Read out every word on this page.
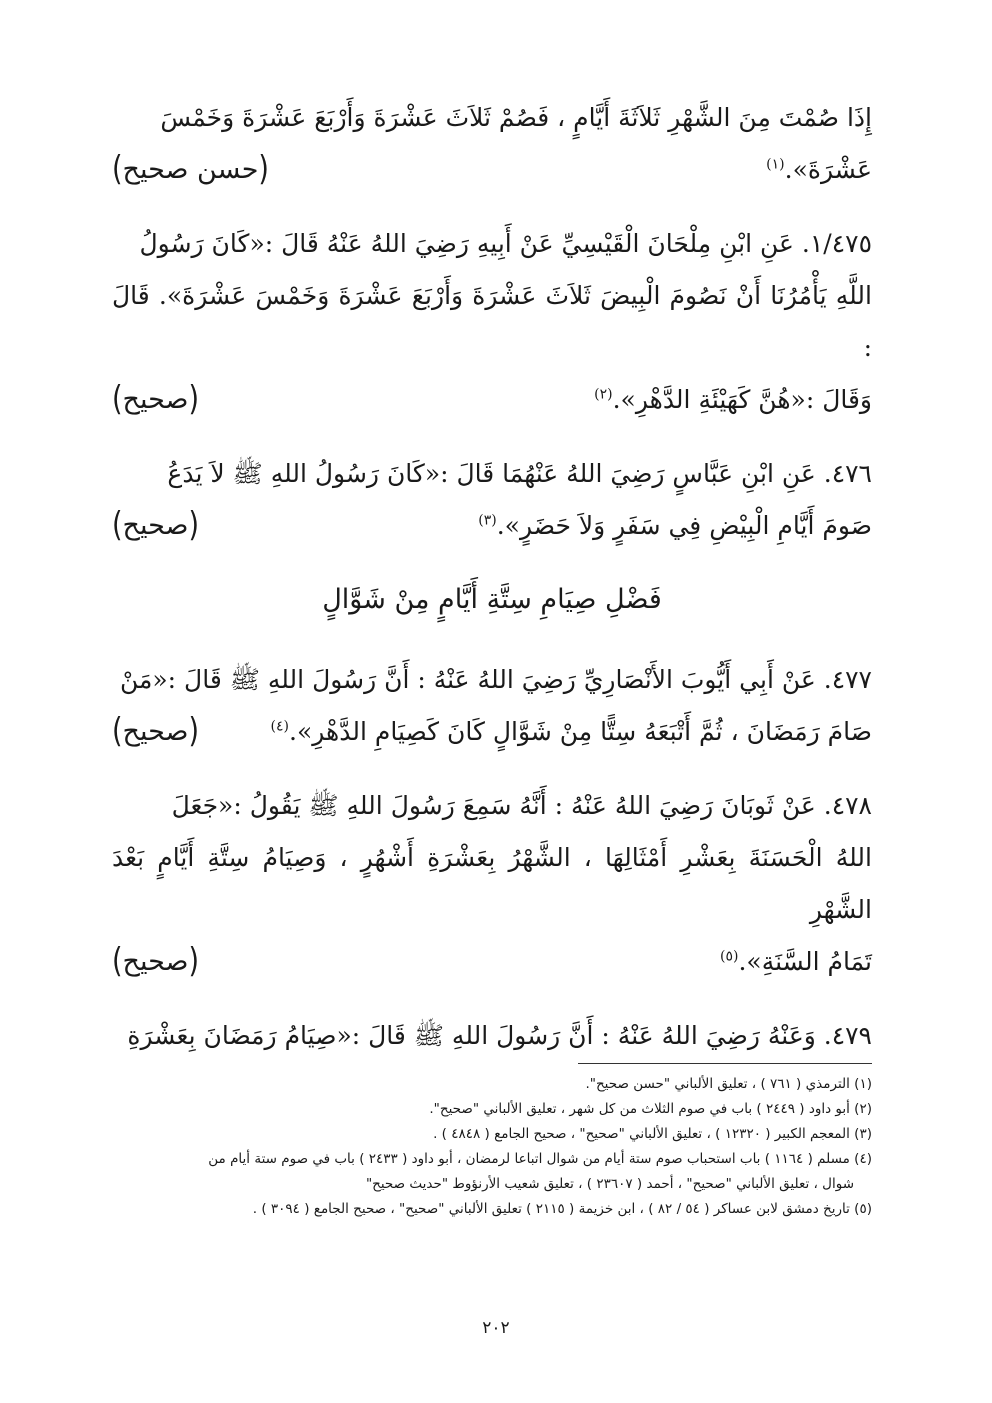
إِذَا صُمْتَ مِنَ الشَّهْرِ ثَلاَثَةَ أَيَّامٍ ، فَصُمْ ثَلاَثَ عَشْرَةَ وَأَرْبَعَ عَشْرَةَ وَخَمْسَ
عَشْرَةَ».$^{(١)}$
(حسن صحيح)

١/٤٧٥. عَنِ ابْنِ مِلْحَانَ الْقَيْسِيِّ عَنْ أَبِيهِ رَضِيَ اللهُ عَنْهُ قَالَ :«كَانَ رَسُولُ
اللَّهِ يَأْمُرُنَا أَنْ نَصُومَ الْبِيضَ ثَلاَثَ عَشْرَةَ وَأَرْبَعَ عَشْرَةَ وَخَمْسَ عَشْرَةَ». قَالَ :
وَقَالَ :«هُنَّ كَهَيْئَةِ الدَّهْرِ».$^{(٢)}$
(صحيح)

٤٧٦. عَنِ ابْنِ عَبَّاسٍ رَضِيَ اللهُ عَنْهُمَا قَالَ :«كَانَ رَسُولُ اللهِ ﷺ لاَ يَدَعُ
صَومَ أَيَّامِ الْبِيْضِ فِي سَفَرٍ وَلاَ حَضَرٍ».$^{(٣)}$
(صحيح)

فَضْلِ صِيَامِ سِتَّةِ أَيَّامٍ مِنْ شَوَّالٍ

٤٧٧. عَنْ أَبِي أَيُّوبَ الأَنْصَارِيِّ رَضِيَ اللهُ عَنْهُ : أَنَّ رَسُولَ اللهِ ﷺ قَالَ :«مَنْ
صَامَ رَمَضَانَ ، ثُمَّ أَتْبَعَهُ سِتًّا مِنْ شَوَّالٍ كَانَ كَصِيَامِ الدَّهْرِ».$^{(٤)}$
(صحيح)

٤٧٨. عَنْ ثَوبَانَ رَضِيَ اللهُ عَنْهُ : أَنَّهُ سَمِعَ رَسُولَ اللهِ ﷺ يَقُولُ :«جَعَلَ
اللهُ الْحَسَنَةَ بِعَشْرِ أَمْثَالِهَا ، الشَّهْرُ بِعَشْرَةِ أَشْهُرٍ ، وَصِيَامُ سِتَّةِ أَيَّامٍ بَعْدَ الشَّهْرِ
تَمَامُ السَّنَةِ».$^{(٥)}$
(صحيح)

٤٧٩. وَعَنْهُ رَضِيَ اللهُ عَنْهُ : أَنَّ رَسُولَ اللهِ ﷺ قَالَ :«صِيَامُ رَمَضَانَ بِعَشْرَةِ

(١) الترمذي ( ٧٦١ ) ، تعليق الألباني "حسن صحيح".
(٢) أبو داود ( ٢٤٤٩ ) باب في صوم الثلاث من كل شهر ، تعليق الألباني "صحيح".
(٣) المعجم الكبير ( ١٢٣٢٠ ) ، تعليق الألباني "صحيح" ، صحيح الجامع ( ٤٨٤٨ ) .
(٤) مسلم ( ١١٦٤ ) باب استحباب صوم ستة أيام من شوال اتباعا لرمضان ، أبو داود ( ٢٤٣٣ ) باب في صوم ستة أيام من
شوال ، تعليق الألباني "صحيح" ، أحمد ( ٢٣٦٠٧ ) ، تعليق شعيب الأرنؤوط "حديث صحيح"
(٥) تاريخ دمشق لابن عساكر ( ٥٤ / ٨٢ ) ، ابن خزيمة ( ٢١١٥ ) تعليق الألباني "صحيح" ، صحيح الجامع ( ٣٠٩٤ ) .
٢٠٢
